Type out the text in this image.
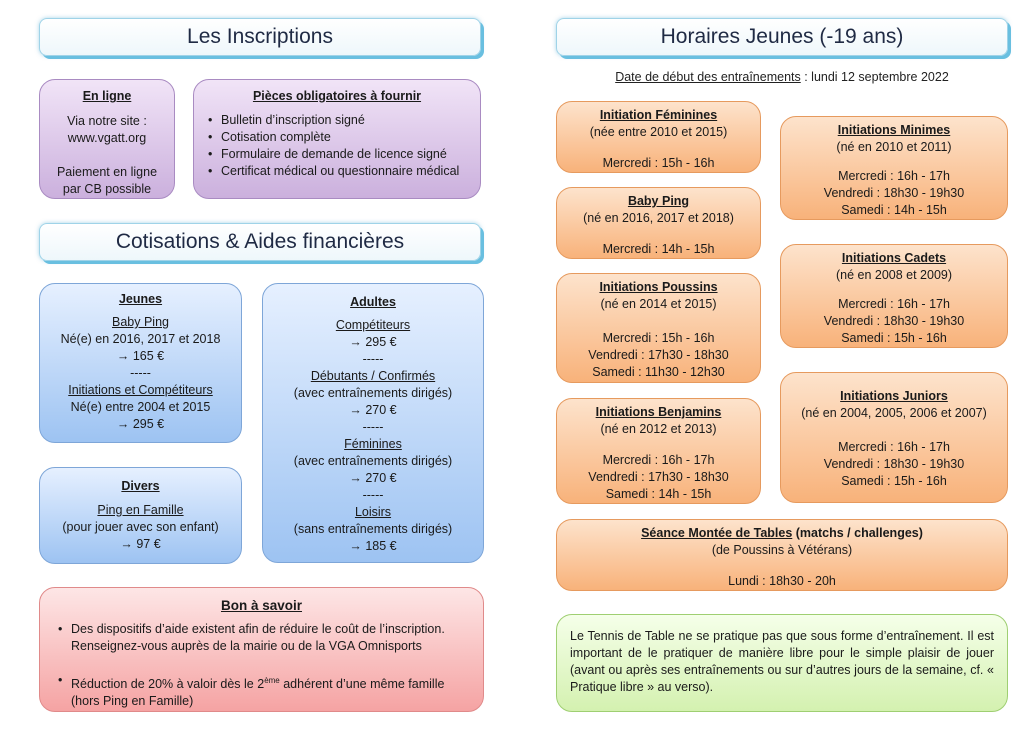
Les Inscriptions
En ligne
Via notre site :
www.vgatt.org
Paiement en ligne
par CB possible
Pièces obligatoires à fournir
• Bulletin d’inscription signé
• Cotisation complète
• Formulaire de demande de licence signé
• Certificat médical ou questionnaire médical
Cotisations & Aides financières
Jeunes
Baby Ping
Né(e) en 2016, 2017 et 2018
→ 165 €
-----
Initiations et Compétiteurs
Né(e) entre 2004 et 2015
→ 295 €
Divers
Ping en Famille
(pour jouer avec son enfant)
→ 97 €
Adultes
Compétiteurs
→ 295 €
-----
Débutants / Confirmés
(avec entraînements dirigés)
→ 270 €
-----
Féminines
(avec entraînements dirigés)
→ 270 €
-----
Loisirs
(sans entraînements dirigés)
→ 185 €
Bon à savoir
• Des dispositifs d’aide existent afin de réduire le coût de l’inscription. Renseignez-vous auprès de la mairie ou de la VGA Omnisports
• Réduction de 20% à valoir dès le 2ème adhérent d’une même famille (hors Ping en Famille)
Horaires Jeunes (-19 ans)
Date de début des entraînements : lundi 12 septembre 2022
Initiation Féminines
(née entre 2010 et 2015)
Mercredi : 15h - 16h
Baby Ping
(né en 2016, 2017 et 2018)
Mercredi : 14h - 15h
Initiations Poussins
(né en 2014 et 2015)
Mercredi : 15h - 16h
Vendredi : 17h30 - 18h30
Samedi : 11h30 - 12h30
Initiations Benjamins
(né en 2012 et 2013)
Mercredi : 16h - 17h
Vendredi : 17h30 - 18h30
Samedi : 14h - 15h
Initiations Minimes
(né en 2010 et 2011)
Mercredi : 16h - 17h
Vendredi : 18h30 - 19h30
Samedi : 14h - 15h
Initiations Cadets
(né en 2008 et 2009)
Mercredi : 16h - 17h
Vendredi : 18h30 - 19h30
Samedi : 15h - 16h
Initiations Juniors
(né en 2004, 2005, 2006 et 2007)
Mercredi : 16h - 17h
Vendredi : 18h30 - 19h30
Samedi : 15h - 16h
Séance Montée de Tables (matchs / challenges)
(de Poussins à Vétérans)
Lundi : 18h30 - 20h
Le Tennis de Table ne se pratique pas que sous forme d’entraînement. Il est important de le pratiquer de manière libre pour le simple plaisir de jouer (avant ou après ses entraînements ou sur d’autres jours de la semaine, cf. « Pratique libre » au verso).
